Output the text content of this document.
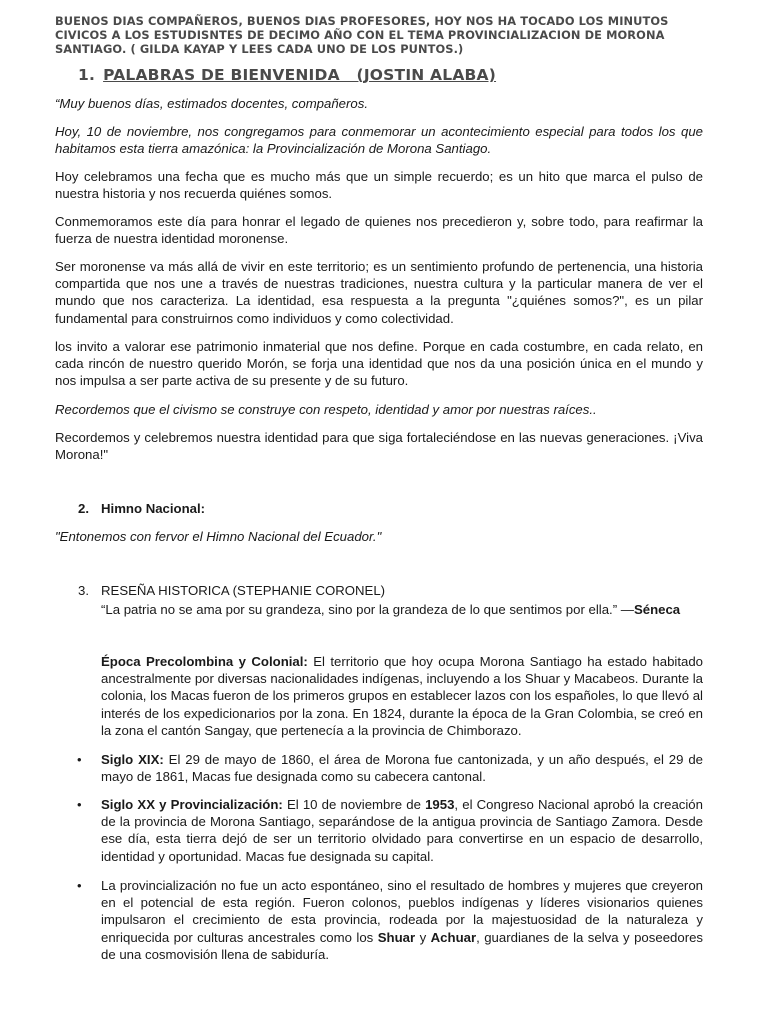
BUENOS DIAS COMPAÑEROS, BUENOS DIAS PROFESORES, HOY NOS HA TOCADO LOS MINUTOS CIVICOS A LOS ESTUDISNTES DE DECIMO AÑO CON EL TEMA PROVINCIALIZACION DE MORONA SANTIAGO. ( GILDA KAYAP Y LEES CADA UNO DE LOS PUNTOS.)
1. PALABRAS DE BIENVENIDA   (JOSTIN ALABA)

“Muy buenos días, estimados docentes, compañeros.

Hoy, 10 de noviembre, nos congregamos para conmemorar un acontecimiento especial para todos los que habitamos esta tierra amazónica: la Provincialización de Morona Santiago.

Hoy celebramos una fecha que es mucho más que un simple recuerdo; es un hito que marca el pulso de nuestra historia y nos recuerda quiénes somos.

Conmemoramos este día para honrar el legado de quienes nos precedieron y, sobre todo, para reafirmar la fuerza de nuestra identidad moronense.

Ser moronense va más allá de vivir en este territorio; es un sentimiento profundo de pertenencia, una historia compartida que nos une a través de nuestras tradiciones, nuestra cultura y la particular manera de ver el mundo que nos caracteriza. La identidad, esa respuesta a la pregunta "¿quiénes somos?", es un pilar fundamental para construirnos como individuos y como colectividad.

los invito a valorar ese patrimonio inmaterial que nos define. Porque en cada costumbre, en cada relato, en cada rincón de nuestro querido Morón, se forja una identidad que nos da una posición única en el mundo y nos impulsa a ser parte activa de su presente y de su futuro.

Recordemos que el civismo se construye con respeto, identidad y amor por nuestras raíces..

Recordemos y celebremos nuestra identidad para que siga fortaleciéndose en las nuevas generaciones. ¡Viva Morona!"

2. Himno Nacional:

"Entonemos con fervor el Himno Nacional del Ecuador."

3. RESEÑA HISTORICA (STEPHANIE CORONEL)

“La patria no se ama por su grandeza, sino por la grandeza de lo que sentimos por ella.” —Séneca

Época Precolombina y Colonial: El territorio que hoy ocupa Morona Santiago ha estado habitado ancestralmente por diversas nacionalidades indígenas, incluyendo a los Shuar y Macabeos. Durante la colonia, los Macas fueron de los primeros grupos en establecer lazos con los españoles, lo que llevó al interés de los expedicionarios por la zona. En 1824, durante la época de la Gran Colombia, se creó en la zona el cantón Sangay, que pertenecía a la provincia de Chimborazo.

• Siglo XIX: El 29 de mayo de 1860, el área de Morona fue cantonizada, y un año después, el 29 de mayo de 1861, Macas fue designada como su cabecera cantonal.

• Siglo XX y Provincialización: El 10 de noviembre de 1953, el Congreso Nacional aprobó la creación de la provincia de Morona Santiago, separándose de la antigua provincia de Santiago Zamora. Desde ese día, esta tierra dejó de ser un territorio olvidado para convertirse en un espacio de desarrollo, identidad y oportunidad. Macas fue designada su capital.

• La provincialización no fue un acto espontáneo, sino el resultado de hombres y mujeres que creyeron en el potencial de esta región. Fueron colonos, pueblos indígenas y líderes visionarios quienes impulsaron el crecimiento de esta provincia, rodeada por la majestuosidad de la naturaleza y enriquecida por culturas ancestrales como los Shuar y Achuar, guardianes de la selva y poseedores de una cosmovisión llena de sabiduría.
